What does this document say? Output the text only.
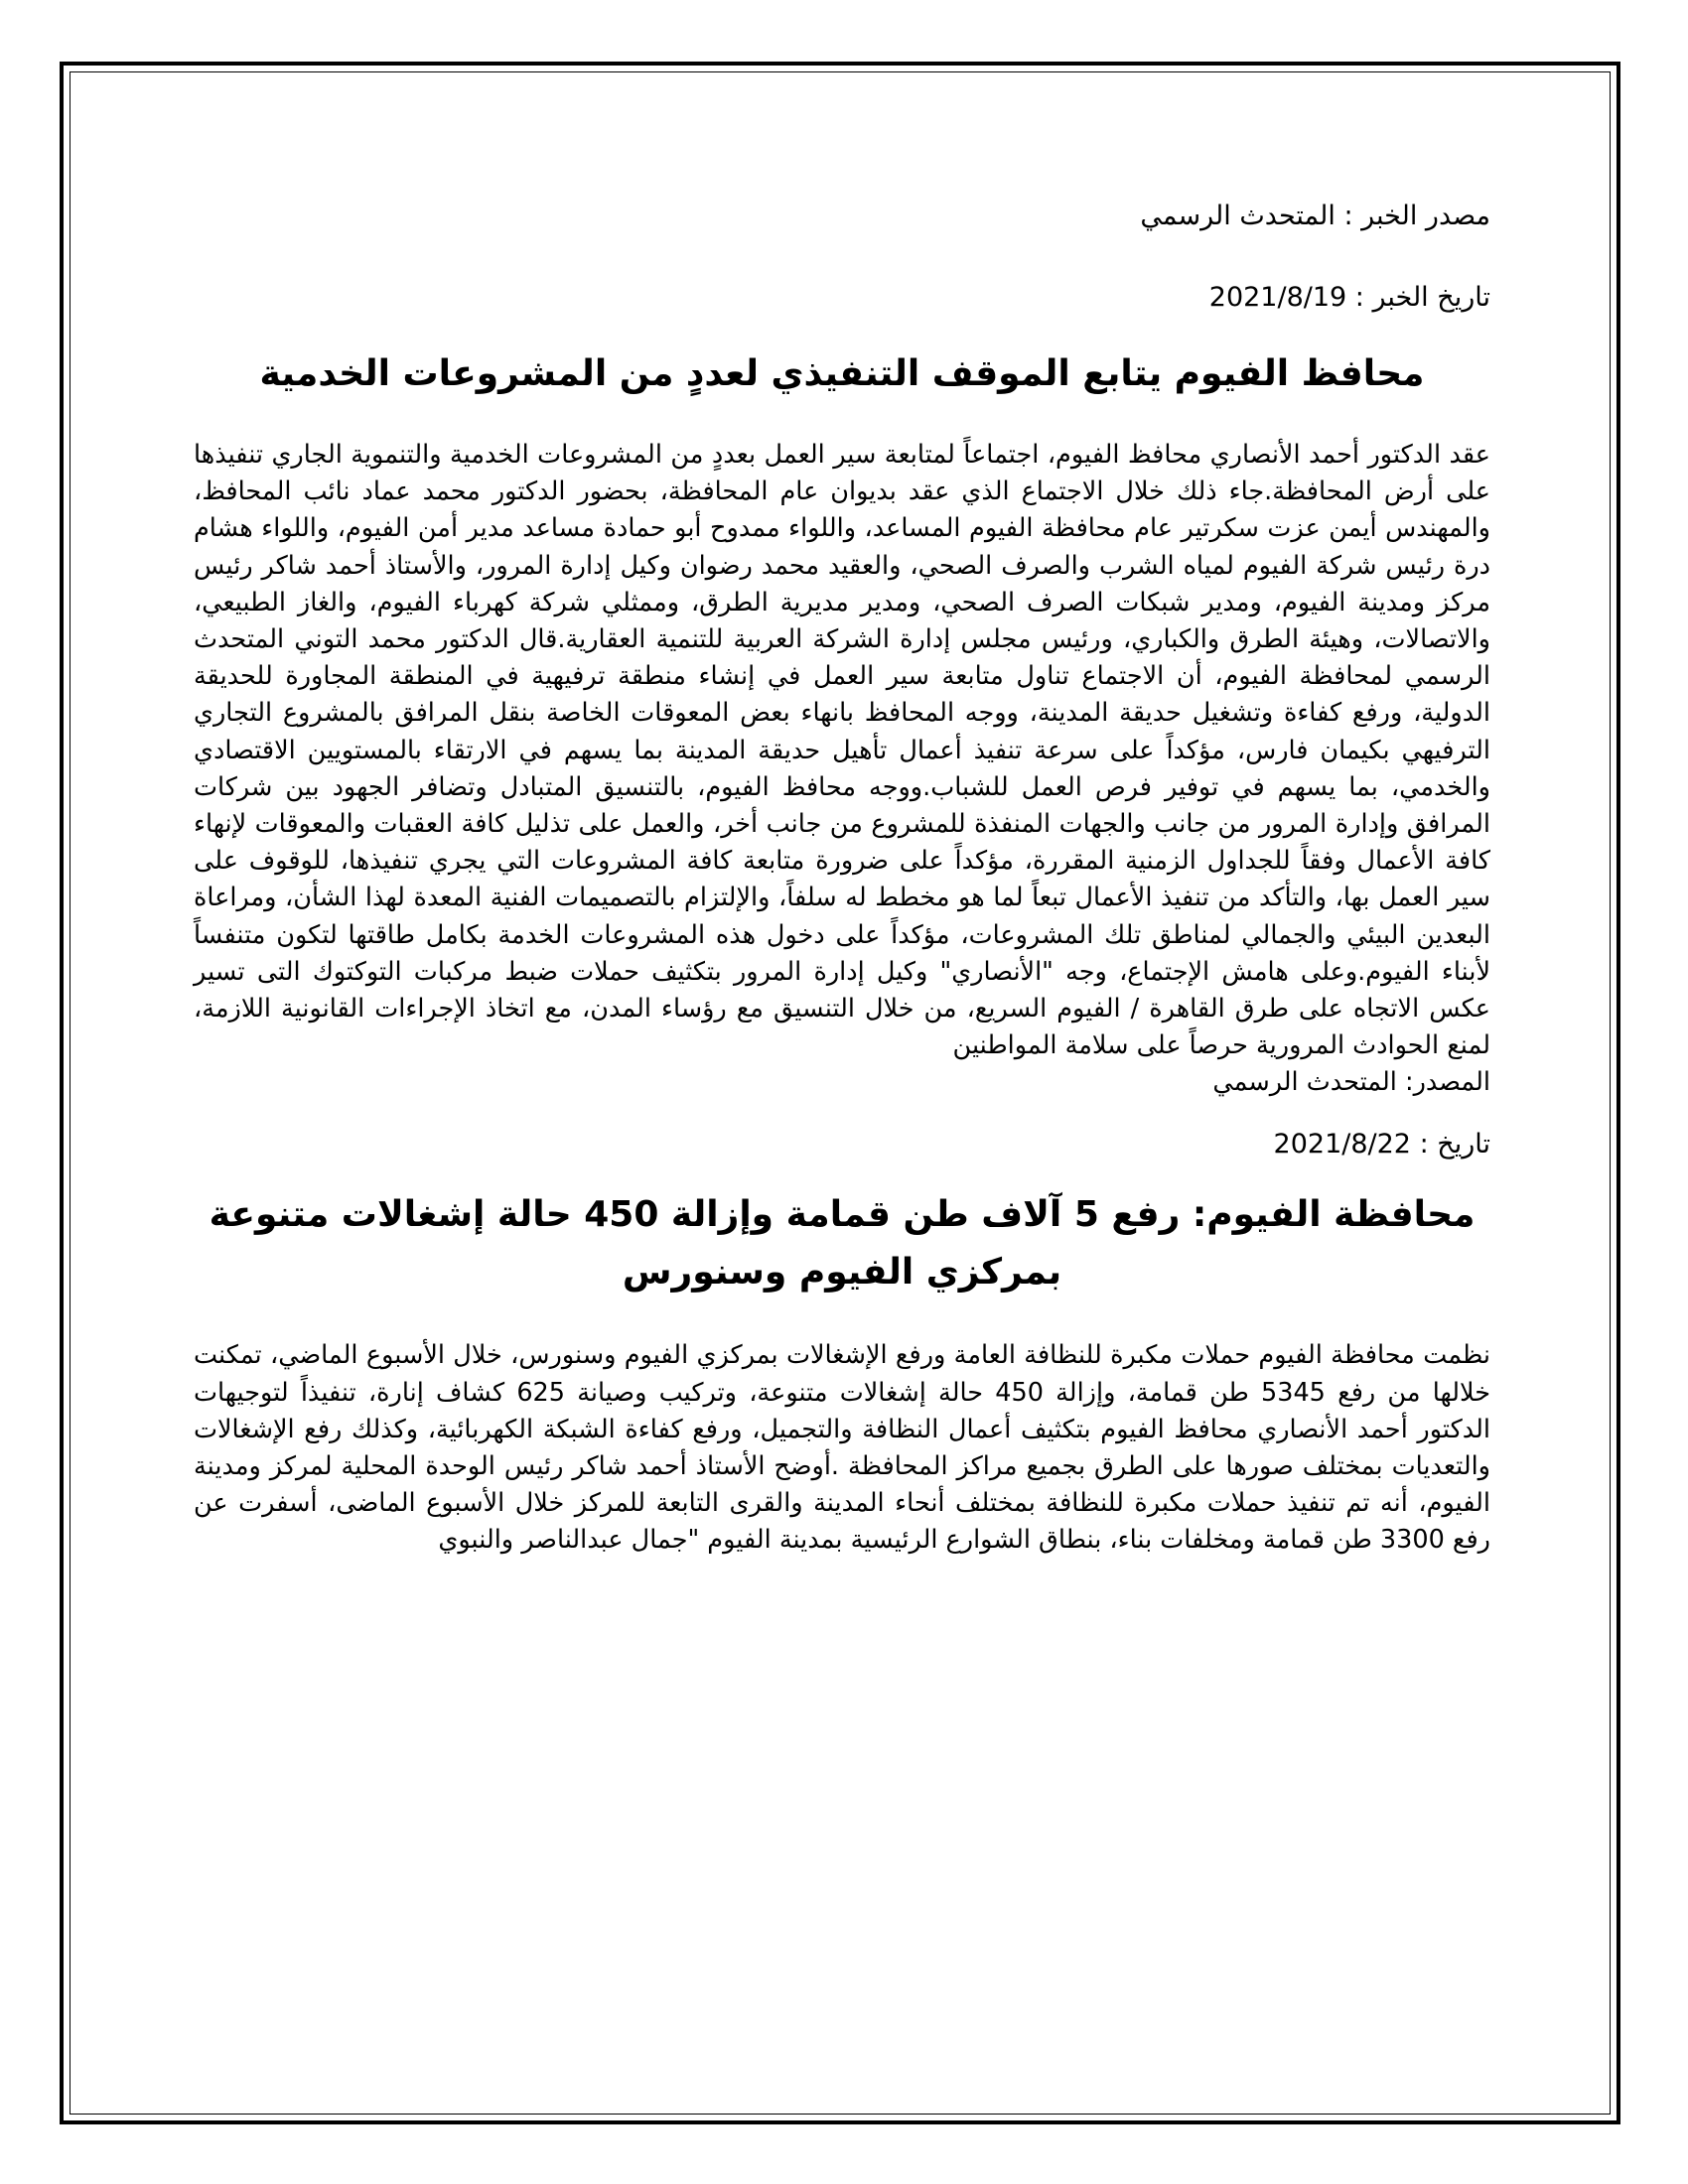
مصدر الخبر : المتحدث الرسمي

تاريخ الخبر : 2021/8/19

محافظ الفيوم يتابع الموقف التنفيذي لعددٍ من المشروعات الخدمية

عقد الدكتور أحمد الأنصاري محافظ الفيوم، اجتماعاً لمتابعة سير العمل بعددٍ من المشروعات الخدمية والتنموية الجاري تنفيذها على أرض المحافظة.جاء ذلك خلال الاجتماع الذي عقد بديوان عام المحافظة، بحضور الدكتور محمد عماد نائب المحافظ، والمهندس أيمن عزت سكرتير عام محافظة الفيوم المساعد، واللواء ممدوح أبو حمادة مساعد مدير أمن الفيوم، واللواء هشام درة رئيس شركة الفيوم لمياه الشرب والصرف الصحي، والعقيد محمد رضوان وكيل إدارة المرور، والأستاذ أحمد شاكر رئيس مركز ومدينة الفيوم، ومدير شبكات الصرف الصحي، ومدير مديرية الطرق، وممثلي شركة كهرباء الفيوم، والغاز الطبيعي، والاتصالات، وهيئة الطرق والكباري، ورئيس مجلس إدارة الشركة العربية للتنمية العقارية.قال الدكتور محمد التوني المتحدث الرسمي لمحافظة الفيوم، أن الاجتماع تناول متابعة سير العمل في إنشاء منطقة ترفيهية في المنطقة المجاورة للحديقة الدولية، ورفع كفاءة وتشغيل حديقة المدينة، ووجه المحافظ بانهاء بعض المعوقات الخاصة بنقل المرافق بالمشروع التجاري الترفيهي بكيمان فارس، مؤكداً على سرعة تنفيذ أعمال تأهيل حديقة المدينة بما يسهم في الارتقاء بالمستويين الاقتصادي والخدمي، بما يسهم في توفير فرص العمل للشباب.ووجه محافظ الفيوم، بالتنسيق المتبادل وتضافر الجهود بين شركات المرافق وإدارة المرور من جانب والجهات المنفذة للمشروع من جانب أخر، والعمل على تذليل كافة العقبات والمعوقات لإنهاء كافة الأعمال وفقاً للجداول الزمنية المقررة، مؤكداً على ضرورة متابعة كافة المشروعات التي يجري تنفيذها، للوقوف على سير العمل بها، والتأكد من تنفيذ الأعمال تبعاً لما هو مخطط له سلفاً، والإلتزام بالتصميمات الفنية المعدة لهذا الشأن، ومراعاة البعدين البيئي والجمالي لمناطق تلك المشروعات، مؤكداً على دخول هذه المشروعات الخدمة بكامل طاقتها لتكون متنفساً لأبناء الفيوم.وعلى هامش الإجتماع، وجه "الأنصاري" وكيل إدارة المرور بتكثيف حملات ضبط مركبات التوكتوك التى تسير عكس الاتجاه على طرق القاهرة / الفيوم السريع، من خلال التنسيق مع رؤساء المدن، مع اتخاذ الإجراءات القانونية اللازمة، لمنع الحوادث المرورية حرصاً على سلامة المواطنين

المصدر: المتحدث الرسمي

تاريخ : 2021/8/22

محافظة الفيوم: رفع 5 آلاف طن قمامة وإزالة 450 حالة إشغالات متنوعة بمركزي الفيوم وسنورس

نظمت محافظة الفيوم حملات مكبرة للنظافة العامة ورفع الإشغالات بمركزي الفيوم وسنورس، خلال الأسبوع الماضي، تمكنت خلالها من رفع 5345 طن قمامة، وإزالة 450 حالة إشغالات متنوعة، وتركيب وصيانة 625 كشاف إنارة، تنفيذاً لتوجيهات الدكتور أحمد الأنصاري محافظ الفيوم بتكثيف أعمال النظافة والتجميل، ورفع كفاءة الشبكة الكهربائية، وكذلك رفع الإشغالات والتعديات بمختلف صورها على الطرق بجميع مراكز المحافظة .أوضح الأستاذ أحمد شاكر رئيس الوحدة المحلية لمركز ومدينة الفيوم، أنه تم تنفيذ حملات مكبرة للنظافة بمختلف أنحاء المدينة والقرى التابعة للمركز خلال الأسبوع الماضى، أسفرت عن رفع 3300 طن قمامة ومخلفات بناء، بنطاق الشوارع الرئيسية بمدينة الفيوم "جمال عبدالناصر والنبوي
